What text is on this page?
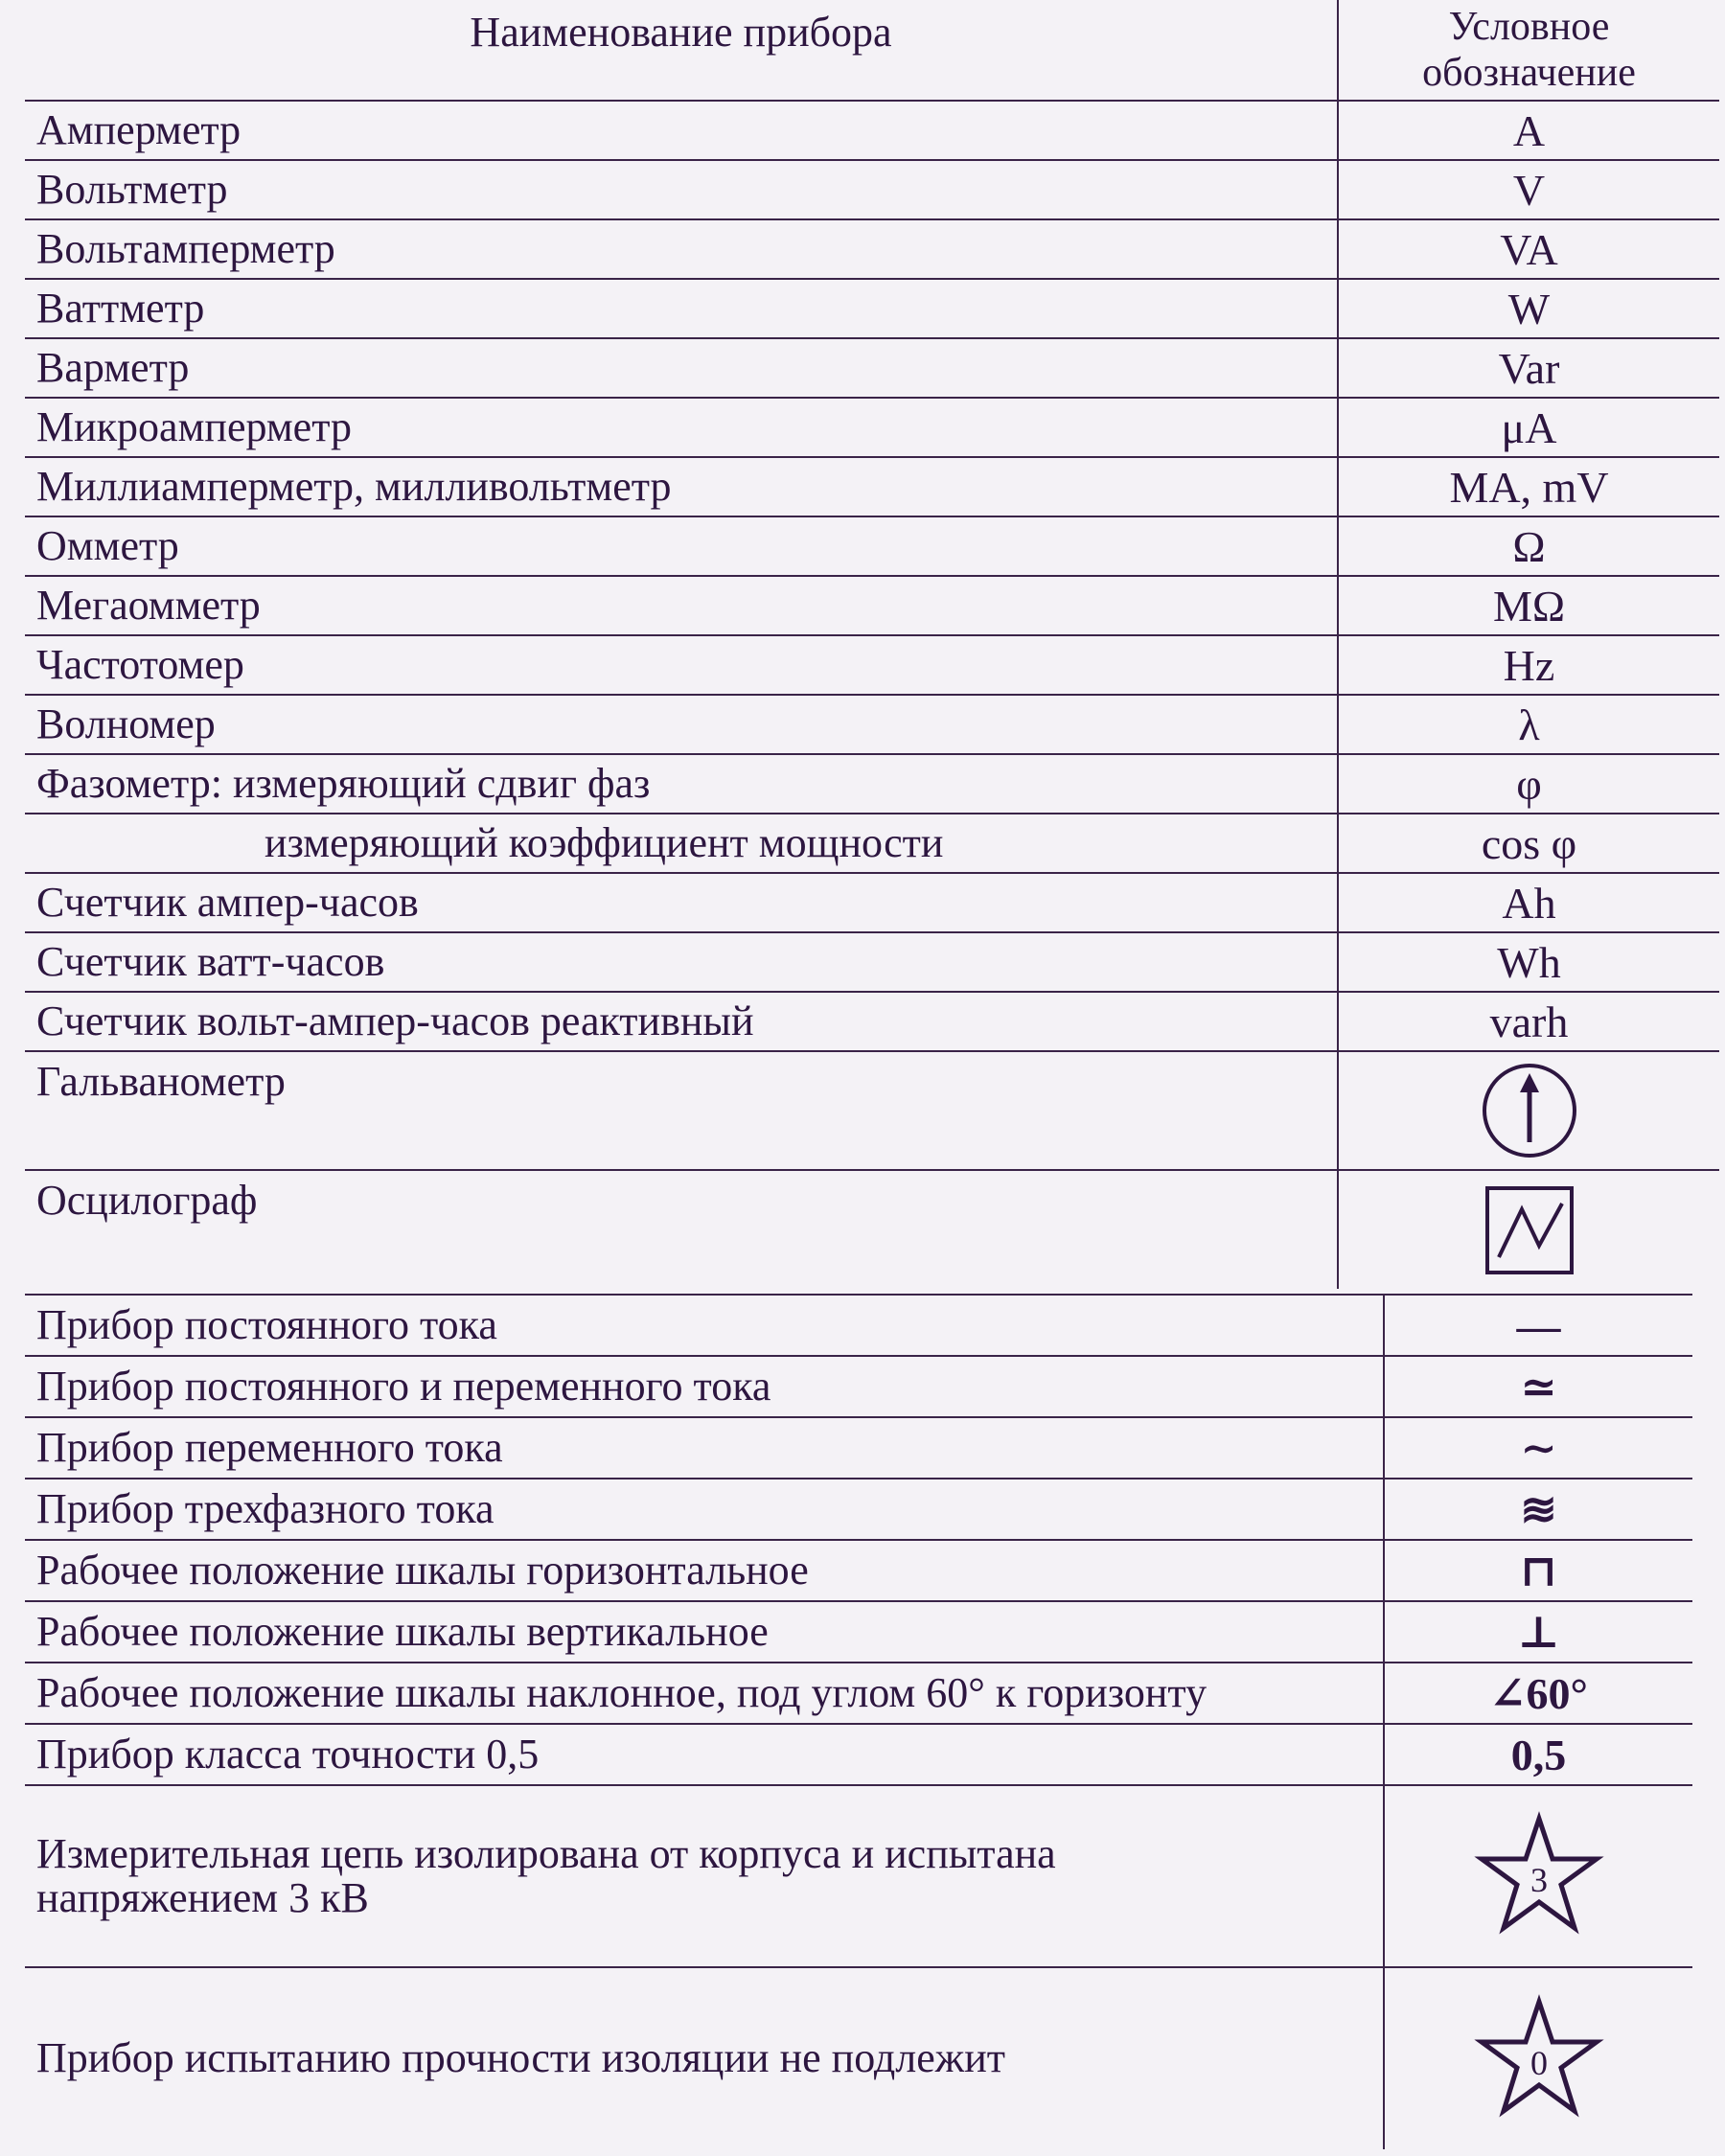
Наименование прибора	Условное
обозначение

Амперметр	A
Вольтметр	V
Вольтамперметр	VA
Ваттметр	W
Варметр	Var
Микроамперметр	μA
Миллиамперметр, милливольтметр	MA, mV
Омметр	Ω
Мегаомметр	MΩ
Частотомер	Hz
Волномер	λ
Фазометр: измеряющий сдвиг фаз	φ
измеряющий коэффициент мощности	cos φ
Счетчик ампер-часов	Ah
Счетчик ватт-часов	Wh
Счетчик вольт-ампер-часов реактивный	varh
Гальванометр	

Осцилограф	
Прибор постоянного тока	—
Прибор постоянного и переменного тока	≃
Прибор переменного тока	∼
Прибор трехфазного тока	≋
Рабочее положение шкалы горизонтальное	⊓
Рабочее положение шкалы вертикальное	⊥
Рабочее положение шкалы наклонное, под углом 60° к горизонту	∠60°
Прибор класса точности 0,5	0,5

Измерительная цепь изолирована от корпуса и испытана
напряжением 3 кВ	3

Прибор испытанию прочности изоляции не подлежит	0
